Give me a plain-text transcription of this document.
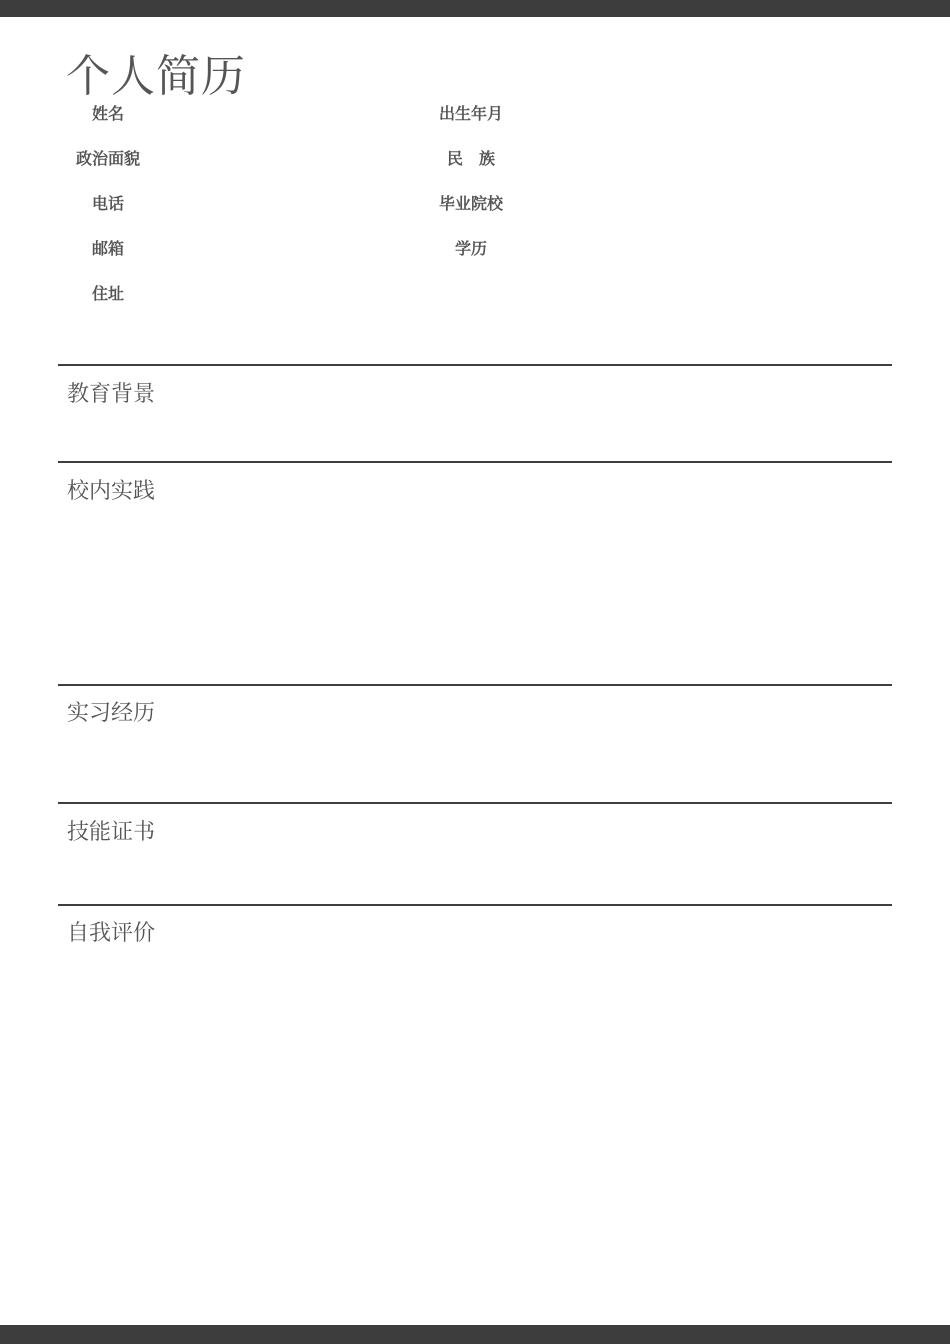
个人简历
姓名	出生年月
政治面貌	民　族
电话	毕业院校
邮箱	学历
住址
教育背景
校内实践
实习经历
技能证书
自我评价
